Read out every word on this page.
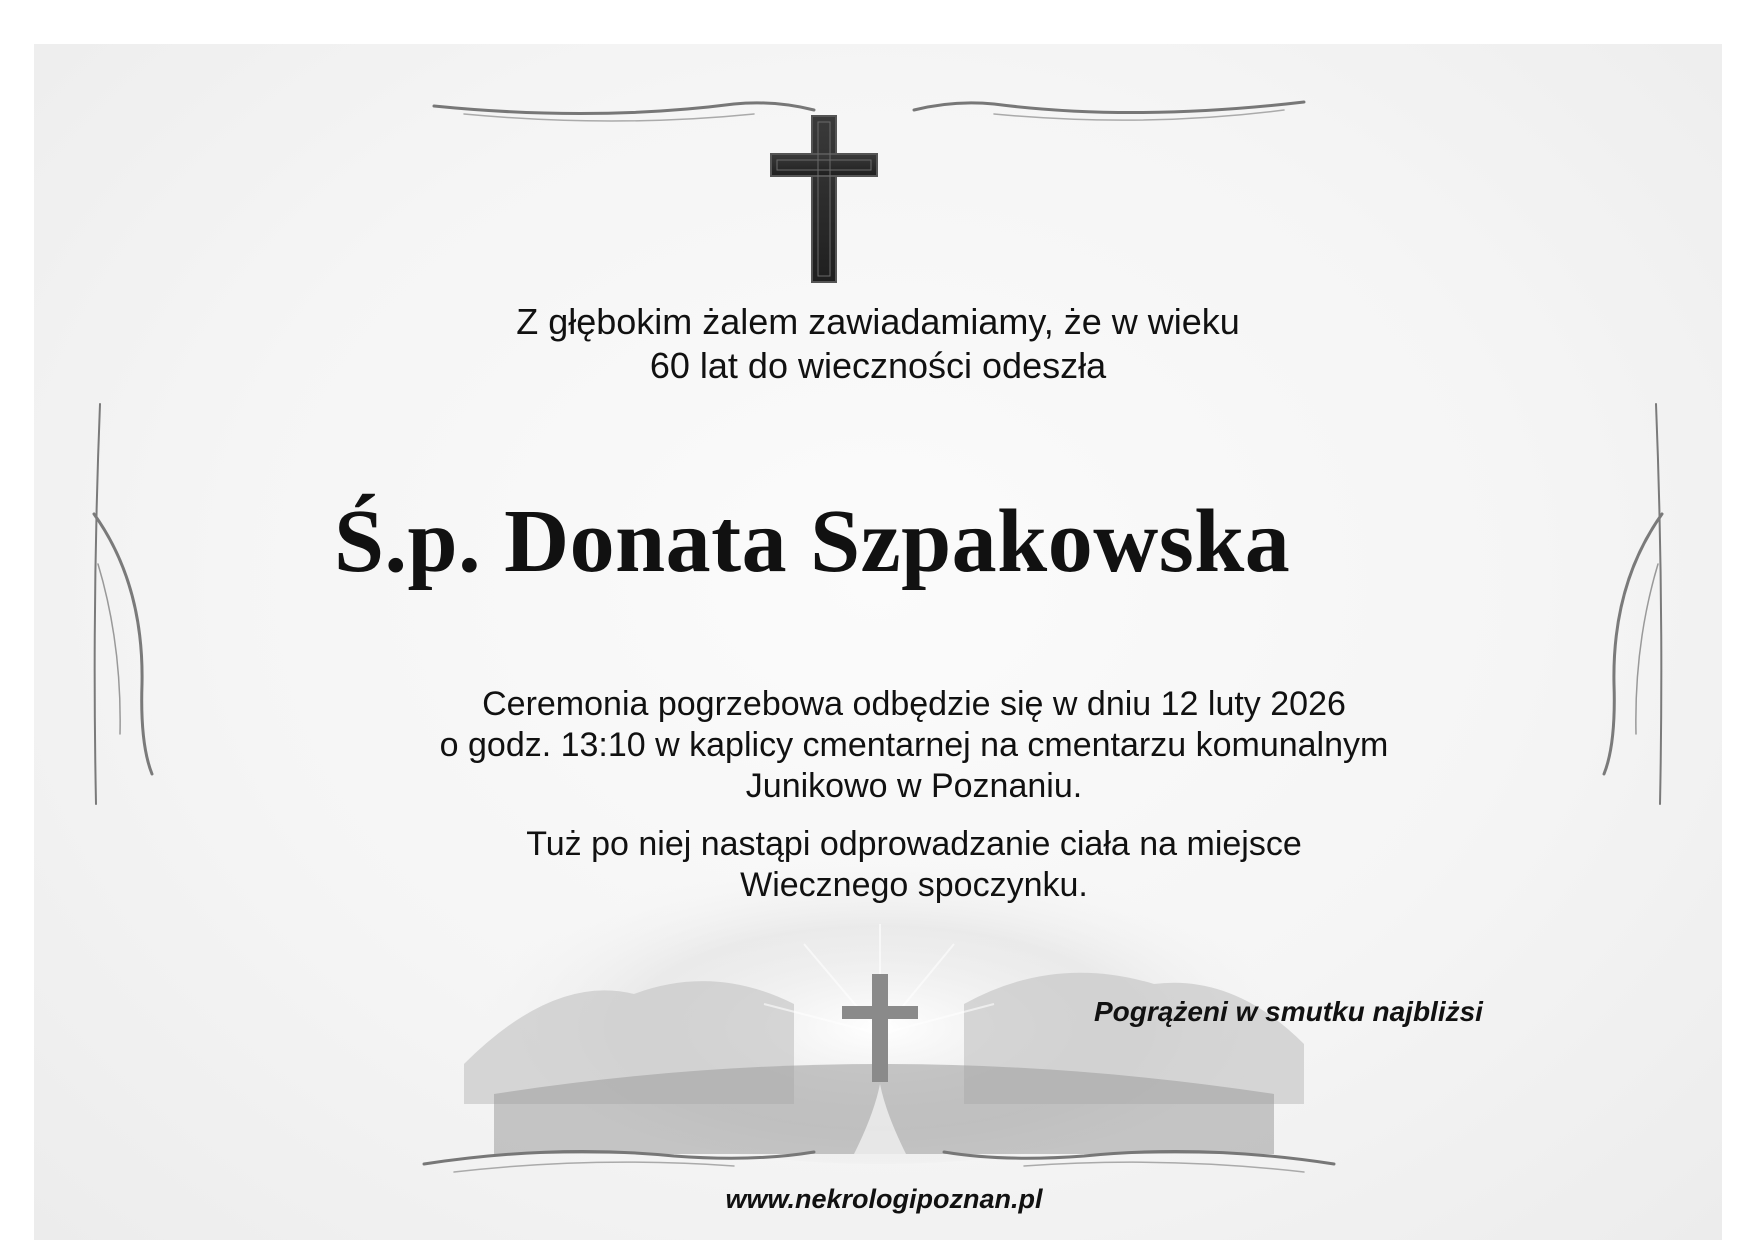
Z głębokim żalem zawiadamiamy, że w wieku
60 lat do wieczności odeszła
Ś.p. Donata Szpakowska
Ceremonia pogrzebowa odbędzie się w dniu 12 luty 2026
o godz. 13:10 w kaplicy cmentarnej na cmentarzu komunalnym
Junikowo w Poznaniu.
Tuż po niej nastąpi odprowadzanie ciała na miejsce
Wiecznego spoczynku.
Pogrążeni w smutku najbliżsi
www.nekrologipoznan.pl
